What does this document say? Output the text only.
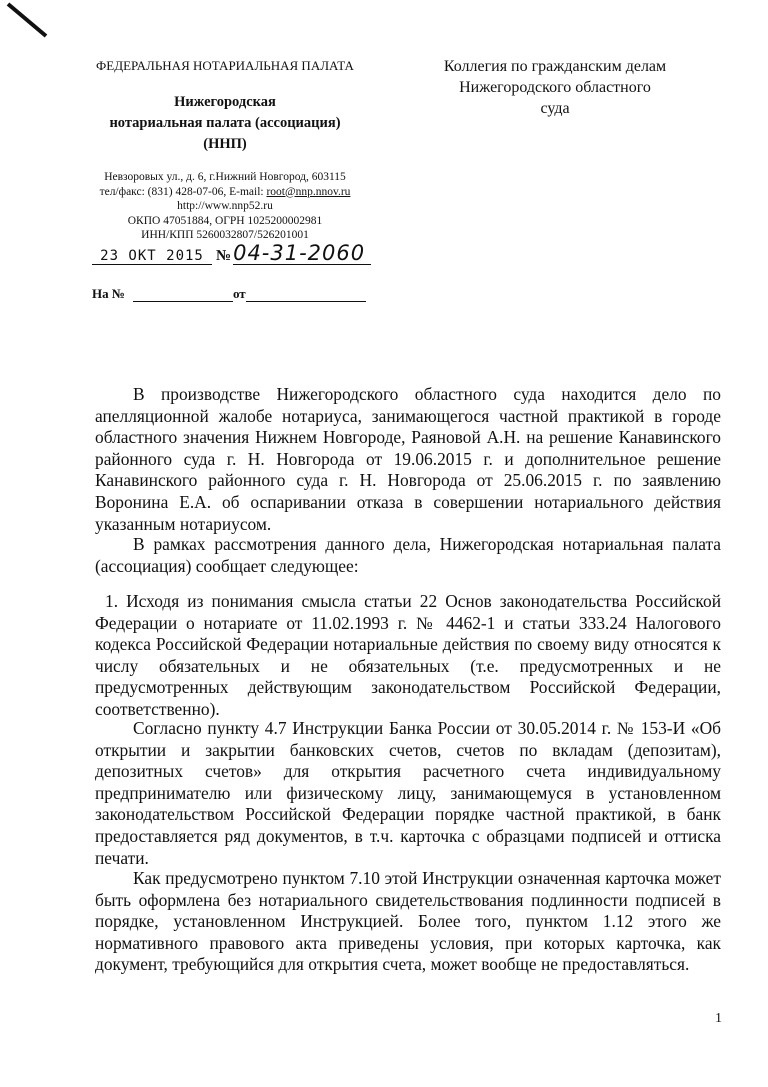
ФЕДЕРАЛЬНАЯ НОТАРИАЛЬНАЯ ПАЛАТА
Нижегородская
нотариальная палата (ассоциация)
(ННП)
Невзоровых ул., д. 6, г.Нижний Новгород, 603115
тел/факс: (831) 428-07-06, E-mail: root@nnp.nnov.ru
http://www.nnp52.ru
ОКПО 47051884, ОГРН 1025200002981
ИНН/КПП 5260032807/526201001
23 ОКТ 2015 № 04-31-2060
На №	от
Коллегия по гражданским делам
Нижегородского областного
суда

В производстве Нижегородского областного суда находится дело по апелляционной жалобе нотариуса, занимающегося частной практикой в городе областного значения Нижнем Новгороде, Раяновой А.Н. на решение Канавинского районного суда г. Н. Новгорода от 19.06.2015 г. и дополнительное решение Канавинского районного суда г. Н. Новгорода от 25.06.2015 г. по заявлению Воронина Е.А. об оспаривании отказа в совершении нотариального действия указанным нотариусом.

В рамках рассмотрения данного дела, Нижегородская нотариальная палата (ассоциация) сообщает следующее:

1. Исходя из понимания смысла статьи 22 Основ законодательства Российской Федерации о нотариате от 11.02.1993 г. № 4462-1 и статьи 333.24 Налогового кодекса Российской Федерации нотариальные действия по своему виду относятся к числу обязательных и не обязательных (т.е. предусмотренных и не предусмотренных действующим законодательством Российской Федерации, соответственно).

Согласно пункту 4.7 Инструкции Банка России от 30.05.2014 г. № 153-И «Об открытии и закрытии банковских счетов, счетов по вкладам (депозитам), депозитных счетов» для открытия расчетного счета индивидуальному предпринимателю или физическому лицу, занимающемуся в установленном законодательством Российской Федерации порядке частной практикой, в банк предоставляется ряд документов, в т.ч. карточка с образцами подписей и оттиска печати.

Как предусмотрено пунктом 7.10 этой Инструкции означенная карточка может быть оформлена без нотариального свидетельствования подлинности подписей в порядке, установленном Инструкцией. Более того, пунктом 1.12 этого же нормативного правового акта приведены условия, при которых карточка, как документ, требующийся для открытия счета, может вообще не предоставляться.

1
